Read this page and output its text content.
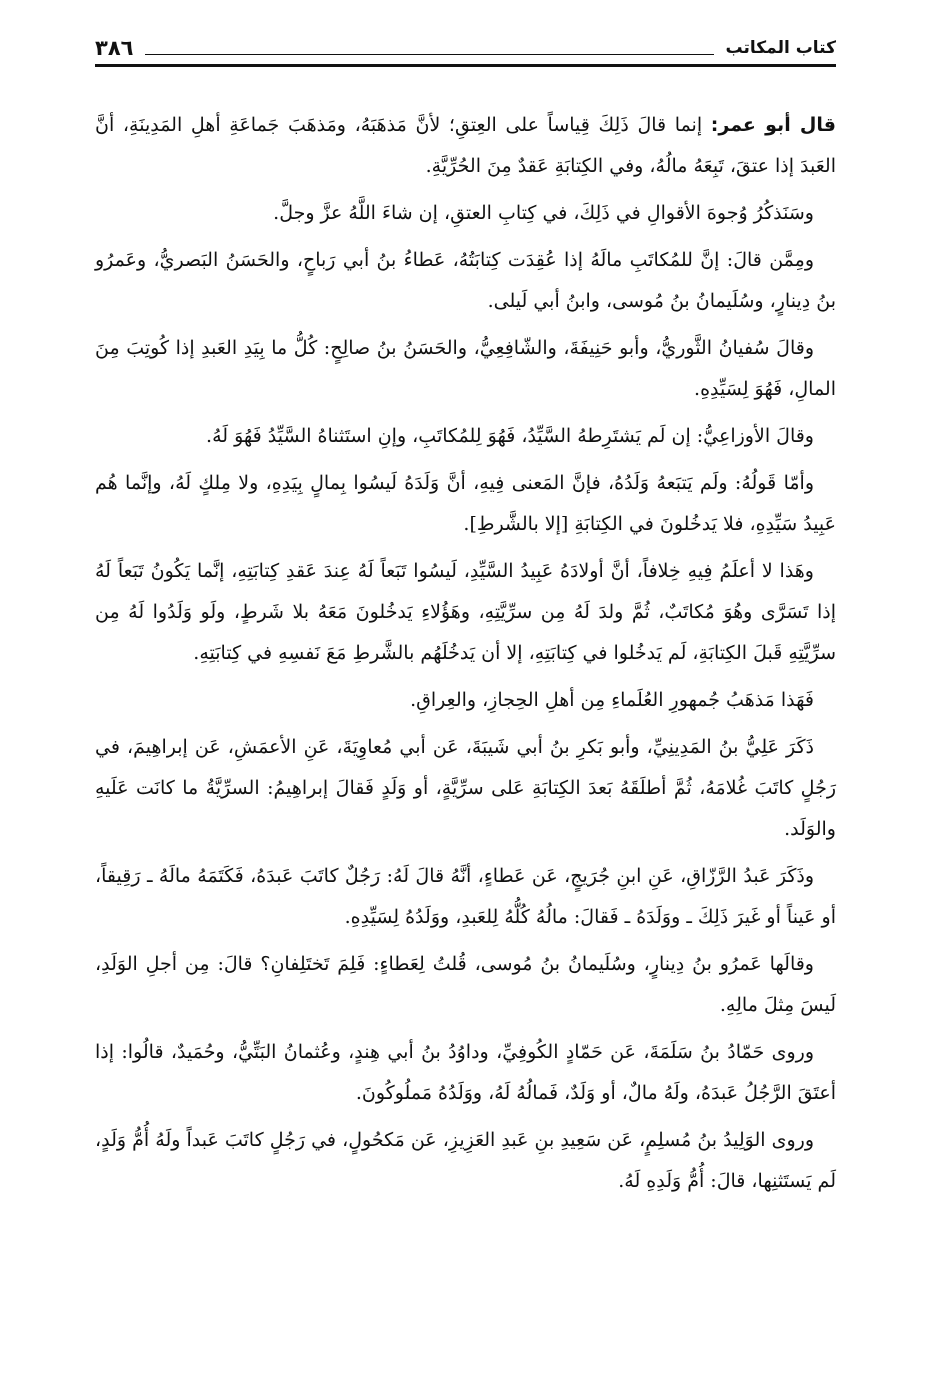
كتاب المكاتب
٣٨٦

قال أبو عمر: إنما قالَ ذَلِكَ قِياساً على العِتقِ؛ لأنَّ مَذهَبَهُ، ومَذهَبَ جَماعَةِ أهلِ المَدِينَةِ، أنَّ العَبدَ إذا عتقَ، تَبِعَهُ مالُهُ، وفي الكِتابَةِ عَقدٌ مِنَ الحُرِّيَّةِ.

وسَنَذكُرُ وُجوهَ الأقوالِ في ذَلِكَ، في كِتابِ العتقِ، إن شاءَ اللَّهُ عزَّ وجلَّ.

ومِمَّن قالَ: إنَّ للمُكاتَبِ مالَهُ إذا عُقِدَت كِتابَتُهُ، عَطاءُ بنُ أبي رَباحٍ، والحَسَنُ البَصريُّ، وعَمرُو بنُ دِينارٍ، وسُلَيمانُ بنُ مُوسى، وابنُ أبي لَيلى.

وقالَ سُفيانُ الثَّوريُّ، وأبو حَنِيفَةَ، والشّافِعِيُّ، والحَسَنُ بنُ صالِحٍ: كُلُّ ما بِيَدِ العَبدِ إذا كُوتِبَ مِنَ المالِ، فَهُوَ لِسَيِّدِهِ.

وقالَ الأوزاعِيُّ: إن لَم يَشتَرِطهُ السَّيِّدُ، فَهُوَ لِلمُكاتَبِ، وإنِ استَثناهُ السَّيِّدُ فَهُوَ لَهُ.

وأمّا قَولُهُ: ولَم يَتبَعهُ وَلَدُهُ، فإنَّ المَعنى فِيهِ، أنَّ وَلَدَهُ لَيسُوا بِمالٍ بِيَدِهِ، ولا مِلكٍ لَهُ، وإنَّما هُم عَبِيدُ سَيِّدِهِ، فلا يَدخُلونَ في الكِتابَةِ [إلا بالشَّرطِ].

وهَذا لا أعلَمُ فِيهِ خِلافاً، أنَّ أولادَهُ عَبِيدُ السَّيِّدِ، لَيسُوا تَبَعاً لَهُ عِندَ عَقدِ كِتابَتِهِ، إنَّما يَكُونُ تَبَعاً لَهُ إذا تَسَرَّى وهُوَ مُكاتَبٌ، ثُمَّ ولدَ لَهُ مِن سرِّيَّتِهِ، وهَؤُلاءِ يَدخُلونَ مَعَهُ بلا شَرطٍ، ولَو وَلَدُوا لَهُ مِن سرِّيَّتِهِ قَبلَ الكِتابَةِ، لَم يَدخُلوا في كِتابَتِهِ، إلا أن يَدخُلَهُم بالشَّرطِ مَعَ نَفسِهِ في كِتابَتِهِ.

فَهَذا مَذهَبُ جُمهورِ العُلَماءِ مِن أهلِ الحِجازِ، والعِراقِ.

ذَكَرَ عَلِيُّ بنُ المَدِينِيِّ، وأبو بَكرِ بنُ أبي شَيبَةَ، عَن أبي مُعاوِيَةَ، عَنِ الأعمَشِ، عَن إبراهِيمَ، في رَجُلٍ كاتَبَ غُلامَهُ، ثُمَّ أطلَقَهُ بَعدَ الكِتابَةِ عَلى سرِّيَّةٍ، أو وَلَدٍ فَقالَ إبراهِيمُ: السرِّيَّةُ ما كانَت عَلَيهِ والوَلَد.

وذَكَرَ عَبدُ الرَّزّاقِ، عَنِ ابنِ جُرَيجٍ، عَن عَطاءٍ، أنَّهُ قالَ لَهُ: رَجُلٌ كاتَبَ عَبدَهُ، فَكَتَمَهُ مالَهُ ـ رَقِيقاً، أو عَيناً أو غَيرَ ذَلِكَ ـ ووَلَدَهُ ـ فَقالَ: مالُهُ كُلُّهُ لِلعَبدِ، ووَلَدُهُ لِسَيِّدِهِ.

وقالَها عَمرُو بنُ دِينارٍ، وسُلَيمانُ بنُ مُوسى، قُلتُ لِعَطاءٍ: فَلِمَ تَختَلِفانِ؟ قالَ: مِن أجلِ الوَلَدِ، لَيسَ مِثلَ مالِهِ.

وروى حَمّادُ بنُ سَلَمَةَ، عَن حَمّادٍ الكُوفِيِّ، وداوُدُ بنُ أبي هِندٍ، وعُثمانُ البَتِّيُّ، وحُمَيدٌ، قالُوا: إذا أعتَقَ الرَّجُلُ عَبدَهُ، ولَهُ مالٌ، أو وَلَدٌ، فَمالُهُ لَهُ، ووَلَدُهُ مَملُوكُونَ.

وروى الوَلِيدُ بنُ مُسلِمٍ، عَن سَعِيدِ بنِ عَبدِ العَزِيزِ، عَن مَكحُولٍ، في رَجُلٍ كاتَبَ عَبداً ولَهُ أُمُّ وَلَدٍ، لَم يَستَثنِها، قالَ: أُمُّ وَلَدِهِ لَهُ.
